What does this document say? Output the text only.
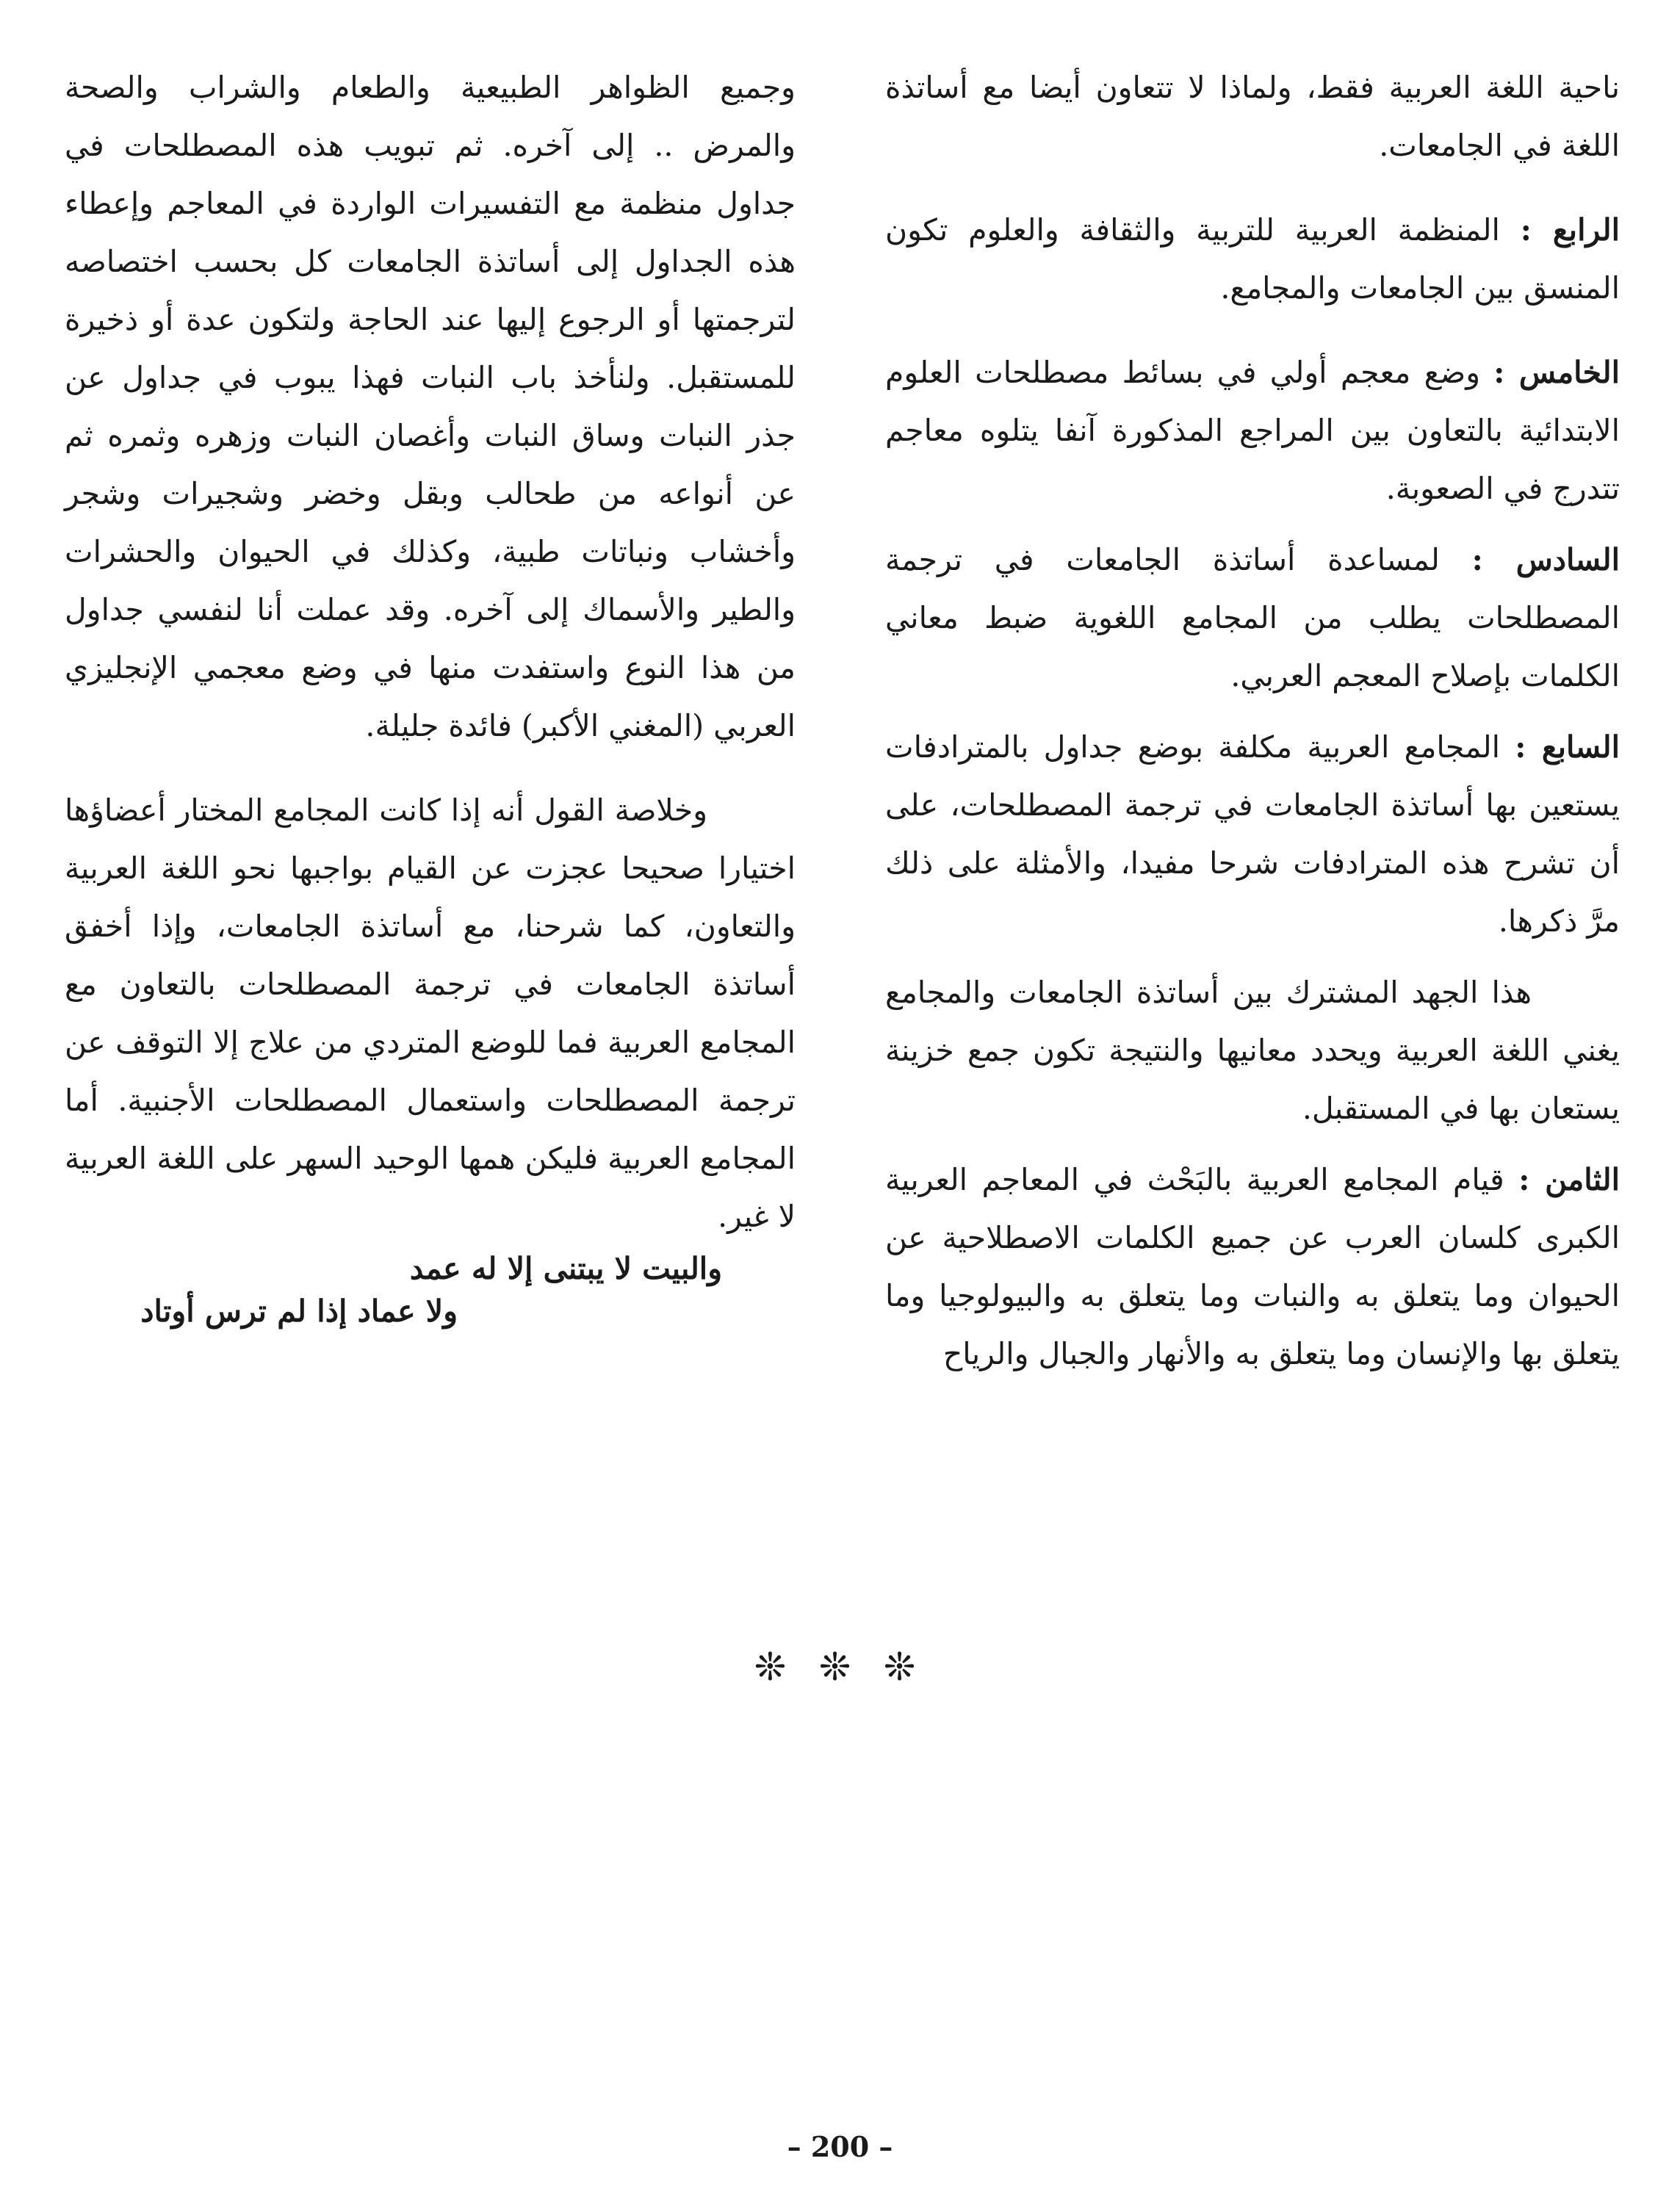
ناحية اللغة العربية فقط، ولماذا لا تتعاون أيضا مع أساتذة اللغة في الجامعات.

الرابع : المنظمة العربية للتربية والثقافة والعلوم تكون المنسق بين الجامعات والمجامع.

الخامس : وضع معجم أولي في بسائط مصطلحات العلوم الابتدائية بالتعاون بين المراجع المذكورة آنفا يتلوه معاجم تتدرج في الصعوبة.

السادس : لمساعدة أساتذة الجامعات في ترجمة المصطلحات يطلب من المجامع اللغوية ضبط معاني الكلمات بإصلاح المعجم العربي.

السابع : المجامع العربية مكلفة بوضع جداول بالمترادفات يستعين بها أساتذة الجامعات في ترجمة المصطلحات، على أن تشرح هذه المترادفات شرحا مفيدا، والأمثلة على ذلك مرَّ ذكرها.

هذا الجهد المشترك بين أساتذة الجامعات والمجامع يغني اللغة العربية ويحدد معانيها والنتيجة تكون جمع خزينة يستعان بها في المستقبل.

الثامن : قيام المجامع العربية بالبَحْث في المعاجم العربية الكبرى كلسان العرب عن جميع الكلمات الاصطلاحية عن الحيوان وما يتعلق به والنبات وما يتعلق به والبيولوجيا وما يتعلق بها والإنسان وما يتعلق به والأنهار والجبال والرياح

وجميع الظواهر الطبيعية والطعام والشراب والصحة والمرض .. إلى آخره. ثم تبويب هذه المصطلحات في جداول منظمة مع التفسيرات الواردة في المعاجم وإعطاء هذه الجداول إلى أساتذة الجامعات كل بحسب اختصاصه لترجمتها أو الرجوع إليها عند الحاجة ولتكون عدة أو ذخيرة للمستقبل. ولنأخذ باب النبات فهذا يبوب في جداول عن جذر النبات وساق النبات وأغصان النبات وزهره وثمره ثم عن أنواعه من طحالب وبقل وخضر وشجيرات وشجر وأخشاب ونباتات طبية، وكذلك في الحيوان والحشرات والطير والأسماك إلى آخره. وقد عملت أنا لنفسي جداول من هذا النوع واستفدت منها في وضع معجمي الإنجليزي العربي (المغني الأكبر) فائدة جليلة.

وخلاصة القول أنه إذا كانت المجامع المختار أعضاؤها اختيارا صحيحا عجزت عن القيام بواجبها نحو اللغة العربية والتعاون، كما شرحنا، مع أساتذة الجامعات، وإذا أخفق أساتذة الجامعات في ترجمة المصطلحات بالتعاون مع المجامع العربية فما للوضع المتردي من علاج إلا التوقف عن ترجمة المصطلحات واستعمال المصطلحات الأجنبية. أما المجامع العربية فليكن همها الوحيد السهر على اللغة العربية لا غير.

والبيت لا يبتنى إلا له عمد
ولا عماد إذا لم ترس أوتاد
❊ ❊ ❊
– 200 –
